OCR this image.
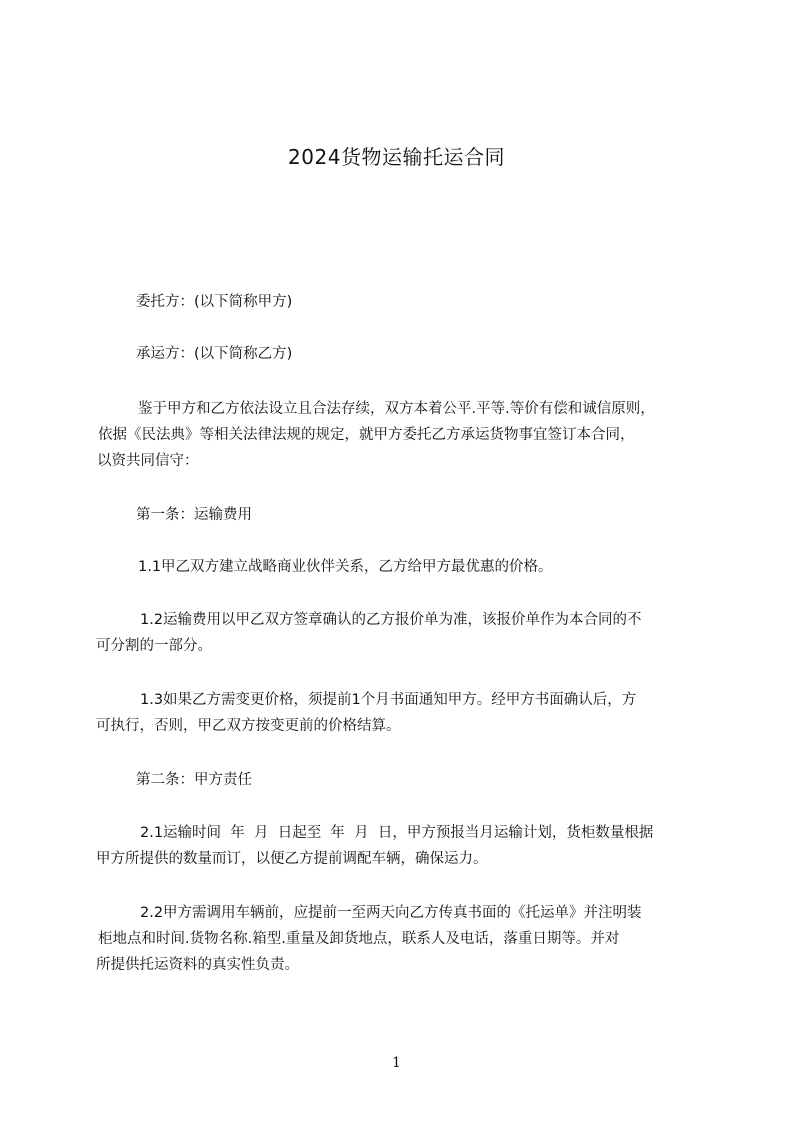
2024货物运输托运合同
委托方：(以下简称甲方)
承运方：(以下简称乙方)
鉴于甲方和乙方依法设立且合法存续，双方本着公平.平等.等价有偿和诚信原则，
依据《民法典》等相关法律法规的规定，就甲方委托乙方承运货物事宜签订本合同，
以资共同信守：
第一条：运输费用
1.1甲乙双方建立战略商业伙伴关系，乙方给甲方最优惠的价格。
1.2运输费用以甲乙双方签章确认的乙方报价单为准，该报价单作为本合同的不
可分割的一部分。
1.3如果乙方需变更价格，须提前1个月书面通知甲方。经甲方书面确认后，方
可执行，否则，甲乙双方按变更前的价格结算。
第二条：甲方责任
2.1运输时间  年  月  日起至  年  月  日，甲方预报当月运输计划，货柜数量根据
甲方所提供的数量而订，以便乙方提前调配车辆，确保运力。
2.2甲方需调用车辆前，应提前一至两天向乙方传真书面的《托运单》并注明装
柜地点和时间.货物名称.箱型.重量及卸货地点，联系人及电话，落重日期等。并对
所提供托运资料的真实性负责。
1
